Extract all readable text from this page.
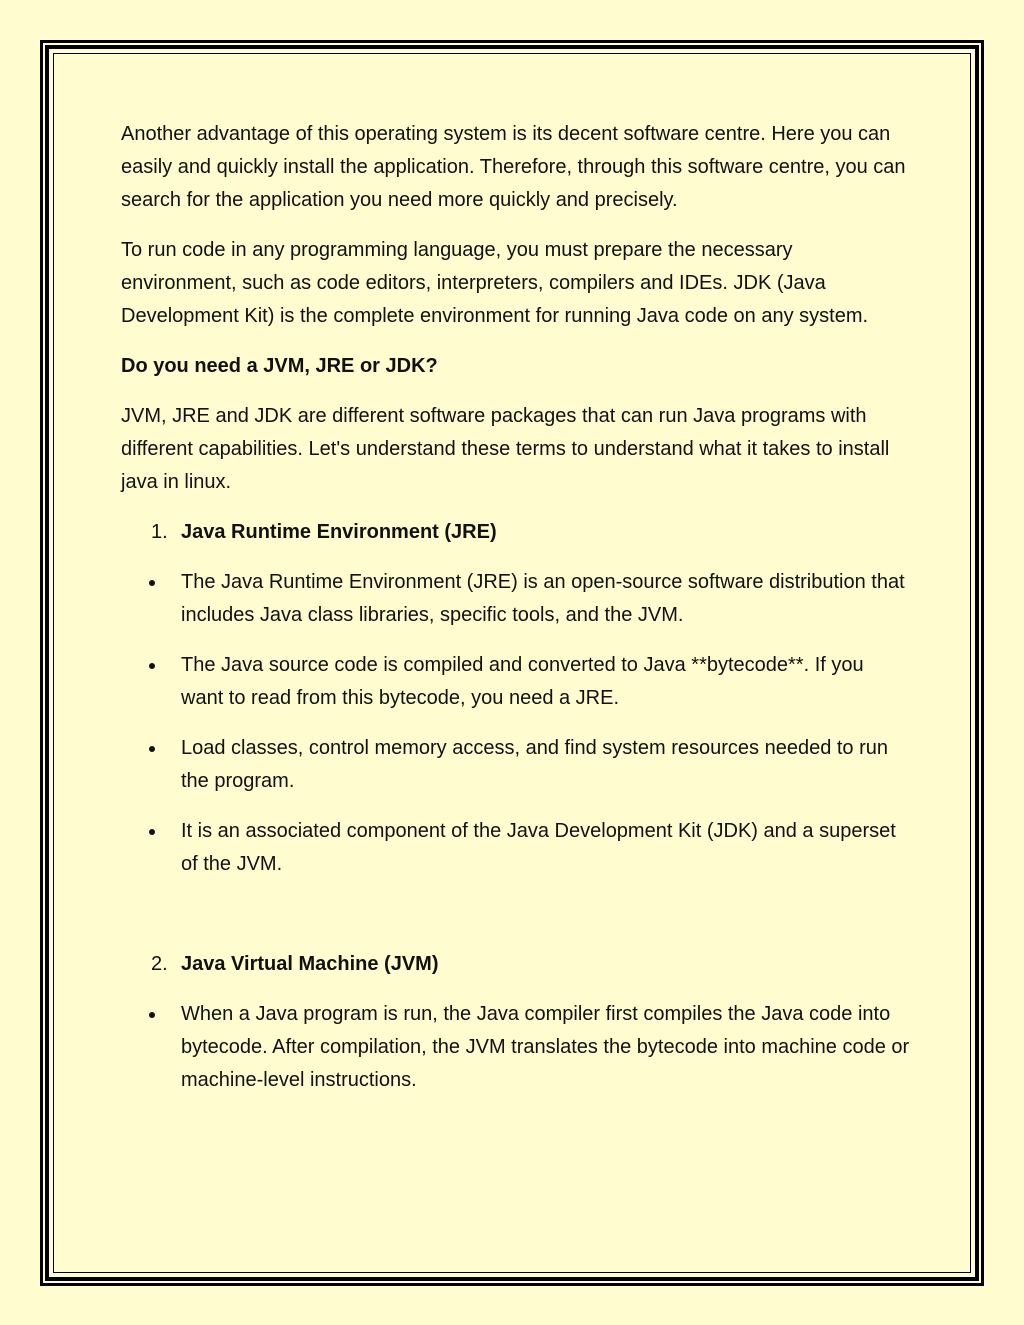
Another advantage of this operating system is its decent software centre. Here you can easily and quickly install the application. Therefore, through this software centre, you can search for the application you need more quickly and precisely.

To run code in any programming language, you must prepare the necessary environment, such as code editors, interpreters, compilers and IDEs. JDK (Java Development Kit) is the complete environment for running Java code on any system.

Do you need a JVM, JRE or JDK?

JVM, JRE and JDK are different software packages that can run Java programs with different capabilities. Let's understand these terms to understand what it takes to install java in linux.

1. Java Runtime Environment (JRE)
The Java Runtime Environment (JRE) is an open-source software distribution that includes Java class libraries, specific tools, and the JVM.
The Java source code is compiled and converted to Java **bytecode**. If you want to read from this bytecode, you need a JRE.
Load classes, control memory access, and find system resources needed to run the program.
It is an associated component of the Java Development Kit (JDK) and a superset of the JVM.
2. Java Virtual Machine (JVM)
When a Java program is run, the Java compiler first compiles the Java code into bytecode. After compilation, the JVM translates the bytecode into machine code or machine-level instructions.
